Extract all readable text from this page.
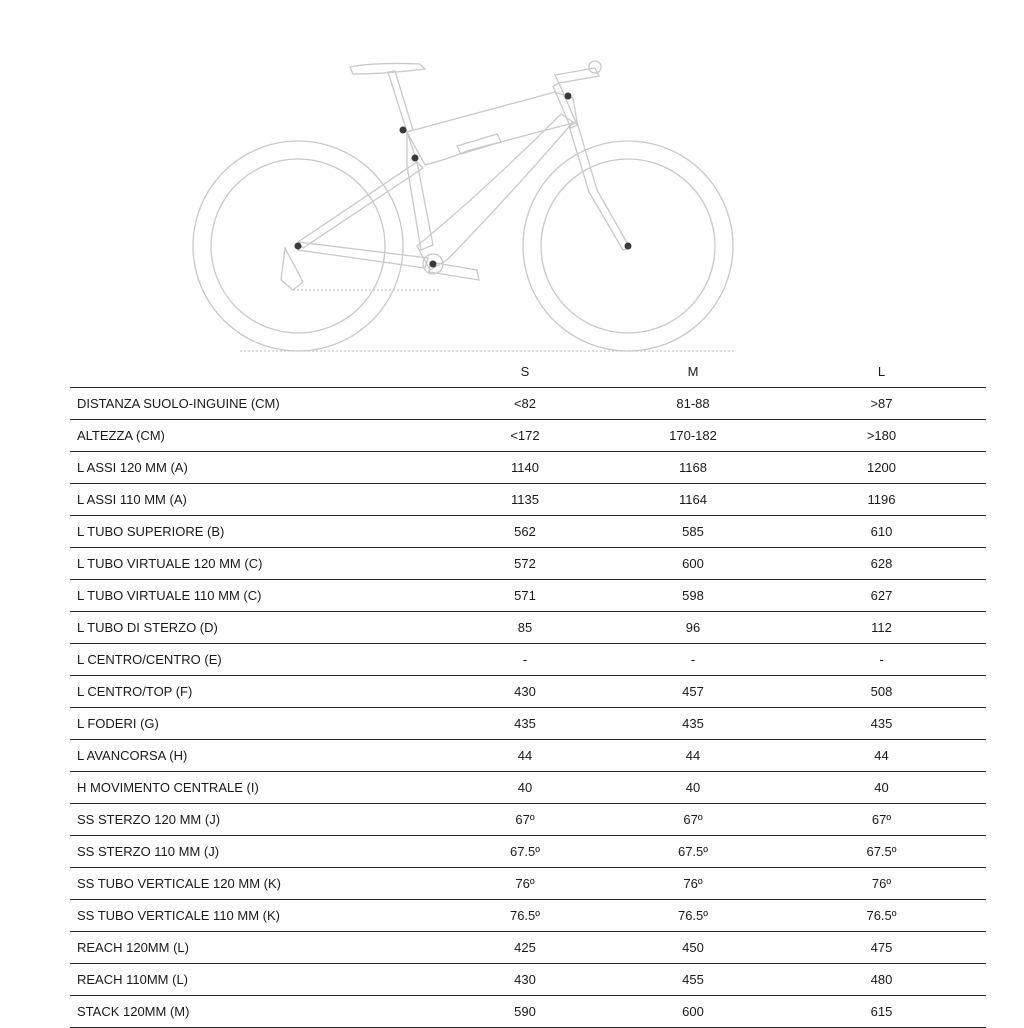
	S	M	L
DISTANZA SUOLO-INGUINE (CM)	<82	81-88	>87
ALTEZZA (CM)	<172	170-182	>180
L ASSI 120 MM (A)	1140	1168	1200
L ASSI 110 MM (A)	1135	1164	1196
L TUBO SUPERIORE (B)	562	585	610
L TUBO VIRTUALE 120 MM (C)	572	600	628
L TUBO VIRTUALE 110 MM (C)	571	598	627
L TUBO DI STERZO (D)	85	96	112
L CENTRO/CENTRO (E)	-	-	-
L CENTRO/TOP (F)	430	457	508
L FODERI (G)	435	435	435
L AVANCORSA (H)	44	44	44
H MOVIMENTO CENTRALE (I)	40	40	40
SS STERZO 120 MM (J)	67º	67º	67º
SS STERZO 110 MM (J)	67.5º	67.5º	67.5º
SS TUBO VERTICALE 120 MM (K)	76º	76º	76º
SS TUBO VERTICALE 110 MM (K)	76.5º	76.5º	76.5º
REACH 120MM (L)	425	450	475
REACH 110MM (L)	430	455	480
STACK 120MM (M)	590	600	615
